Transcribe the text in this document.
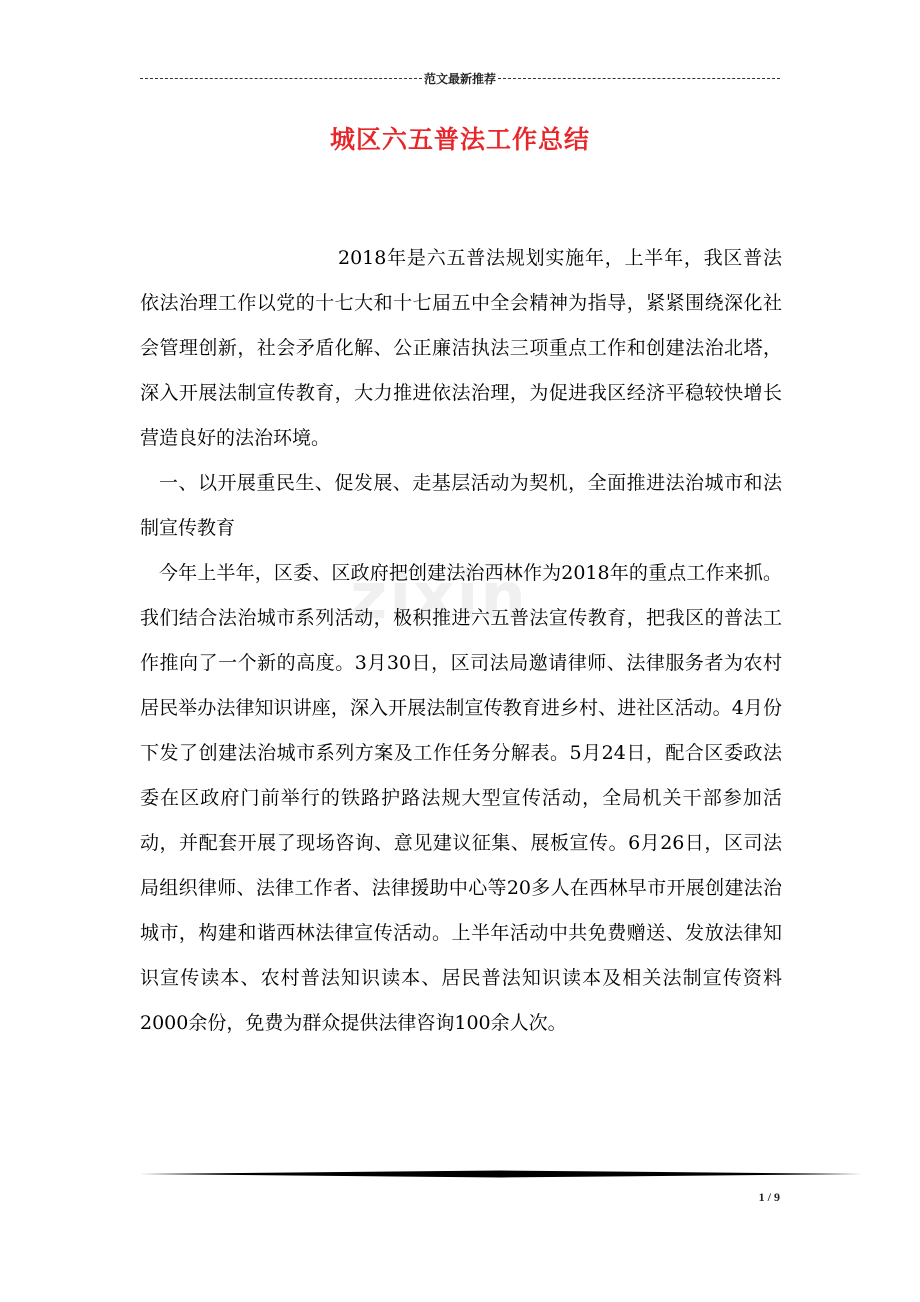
范文最新推荐
城区六五普法工作总结
zixin

2018年是六五普法规划实施年，上半年，我区普法依法治理工作以党的十七大和十七届五中全会精神为指导，紧紧围绕深化社会管理创新，社会矛盾化解、公正廉洁执法三项重点工作和创建法治北塔，深入开展法制宣传教育，大力推进依法治理，为促进我区经济平稳较快增长营造良好的法治环境。

一、以开展重民生、促发展、走基层活动为契机，全面推进法治城市和法制宣传教育

今年上半年，区委、区政府把创建法治西林作为2018年的重点工作来抓。我们结合法治城市系列活动，极积推进六五普法宣传教育，把我区的普法工作推向了一个新的高度。3月30日，区司法局邀请律师、法律服务者为农村居民举办法律知识讲座，深入开展法制宣传教育进乡村、进社区活动。4月份下发了创建法治城市系列方案及工作任务分解表。5月24日，配合区委政法委在区政府门前举行的铁路护路法规大型宣传活动，全局机关干部参加活动，并配套开展了现场咨询、意见建议征集、展板宣传。6月26日，区司法局组织律师、法律工作者、法律援助中心等20多人在西林早市开展创建法治城市，构建和谐西林法律宣传活动。上半年活动中共免费赠送、发放法律知识宣传读本、农村普法知识读本、居民普法知识读本及相关法制宣传资料2000余份，免费为群众提供法律咨询100余人次。

1 / 9
